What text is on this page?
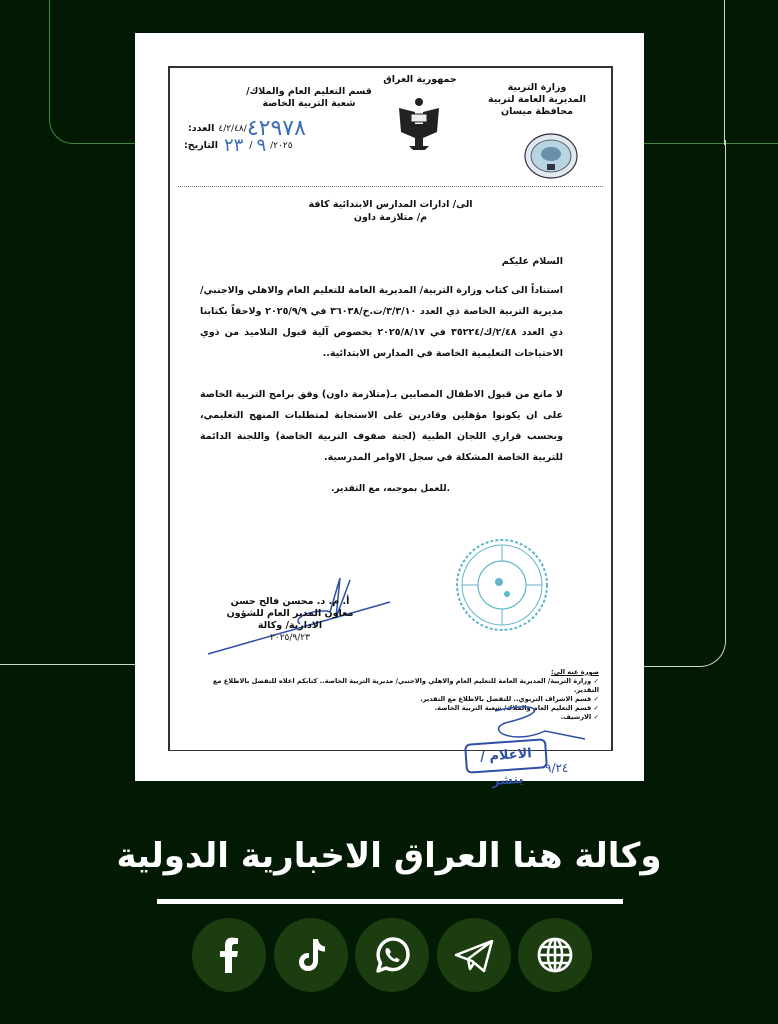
وزارة التربية
المديرية العامة لتربية
محافظة ميسان
جمهورية العراق
قسم التعليم العام والملاك/
شعبة التربية الخاصة
العدد: /٤/٢/٤٨ ٤٢٩٧٨
التاريخ: ٢٣ / ٩ ٢٠٢٥/
الى/ ادارات المدارس الابتدائية كافة
م/ متلازمة داون
السلام عليكم
استناداً الى كتاب وزارة التربية/ المديرية العامة للتعليم العام والاهلي والاجنبي/ مديرية التربية الخاصة ذي العدد ٣/٣/١٠/ت.خ/٣٦٠٣٨ في ٢٠٢٥/٩/٩ ولاحقاً بكتابنا ذي العدد ٢/٤٨/ك/٣٥٢٢٤ في ٢٠٢٥/٨/١٧ بخصوص آلية قبول التلاميذ من ذوي الاحتياجات التعليمية الخاصة في المدارس الابتدائية..
لا مانع من قبول الاطفال المصابين بـ(متلازمة داون) وفق برامج التربية الخاصة على ان يكونوا مؤهلين وقادرين على الاستجابة لمتطلبات المنهج التعليمي، وبحسب قراري اللجان الطبية (لجنة صفوف التربية الخاصة) واللجنة الدائمة للتربية الخاصة المشكلة في سجل الاوامر المدرسية.
.للعمل بموجبه، مع التقدير.
أ. م. د. محسن فالح حسن
معاون المدير العام للشؤون الادارية/ وكالة
٢٠٢٥/٩/٢٣
صورة عنه الى:
✓ وزارة التربية/ المديرية العامة للتعليم العام والاهلي والاجنبي/ مديرية التربية الخاصة.. كتابكم اعلاه للتفضل بالاطلاع مع التقدير.
✓ قسم الاشراف التربوي.. للتفضل بالاطلاع مع التقدير.
✓ قسم التعليم العام والملاك/ شعبة التربية الخاصة.
✓ الارشيف.
الاعلام / ينشر
٩/٢٤
وكالة هنا العراق الاخبارية الدولية
